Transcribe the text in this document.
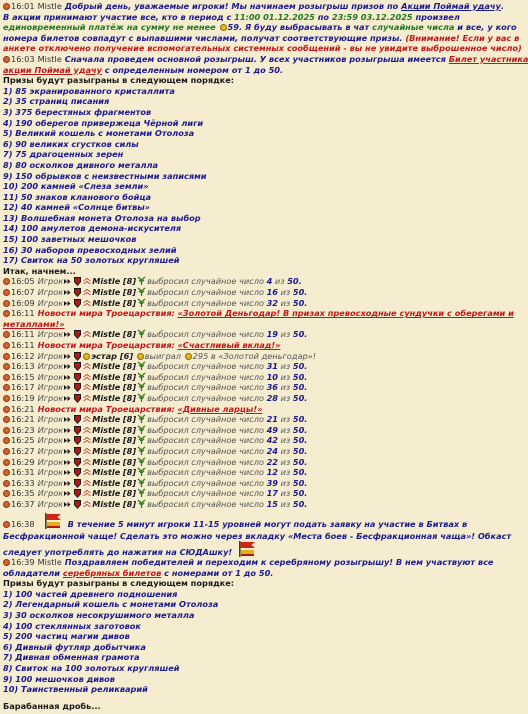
16:01 Mistle Добрый день, уважаемые игроки! Мы начинаем розыгрыш призов по Акции Поймай удачу.
В акции принимают участие все, кто в период с 11:00 01.12.2025 по 23:59 03.12.2025 произвел
единовременный платёж на сумму не менее 59. Я буду выбрасывать в чат случайные числа и все, у кого
номера билетов совпадут с выпавшими числами, получат соответствующие призы. (Внимание! Если у вас в
анкете отключено получение вспомогательных системных сообщений - вы не увидите выброшенное число)
16:03 Mistle Сначала проведем основной розыгрыш. У всех участников розыгрыша имеется Билет участника
акции Поймай удачу с определенным номером от 1 до 50.
Призы будут разыграны в следующем порядке:
1) 85 экранированного кристаллита
2) 35 страниц писания
3) 375 берестяных фрагментов
4) 190 оберегов привержеца Чёрной лиги
5) Великий кошель с монетами Отолоза
6) 90 великих сгустков силы
7) 75 драгоценных зерен
8) 80 осколков дивного металла
9) 150 обрывков с неизвестными записями
10) 200 камней «Слеза земли»
11) 50 знаков кланового бойца
12) 40 камней «Солнце битвы»
13) Волшебная монета Отолоза на выбор
14) 100 амулетов демона-искусителя
15) 100 заветных мешочков
16) 30 наборов превосходных зелий
17) Свиток на 50 золотых кругляшей
Итак, начнем...
16:05 Игрок	Mistle [8] выбросил случайное число 4 из 50.
16:07 Игрок	Mistle [8] выбросил случайное число 16 из 50.
16:09 Игрок	Mistle [8] выбросил случайное число 32 из 50.
16:11 Новости мира Троецарствия: «Золотой Деньгодар! В призах превосходные сундучки с оберегами и
металлами!»
16:11 Игрок	Mistle [8] выбросил случайное число 19 из 50.
16:11 Новости мира Троецарствия: «Счастливый вклад!»
16:12 Игрок	эстар [6] выиграл 295 в «Золотой деньгодар»!
16:13 Игрок	Mistle [8] выбросил случайное число 31 из 50.
16:15 Игрок	Mistle [8] выбросил случайное число 10 из 50.
16:17 Игрок	Mistle [8] выбросил случайное число 36 из 50.
16:19 Игрок	Mistle [8] выбросил случайное число 28 из 50.
16:21 Новости мира Троецарствия: «Дивные ларцы!»
16:21 Игрок	Mistle [8] выбросил случайное число 21 из 50.
16:23 Игрок	Mistle [8] выбросил случайное число 49 из 50.
16:25 Игрок	Mistle [8] выбросил случайное число 42 из 50.
16:27 Игрок	Mistle [8] выбросил случайное число 24 из 50.
16:29 Игрок	Mistle [8] выбросил случайное число 22 из 50.
16:31 Игрок	Mistle [8] выбросил случайное число 12 из 50.
16:33 Игрок	Mistle [8] выбросил случайное число 39 из 50.
16:35 Игрок	Mistle [8] выбросил случайное число 17 из 50.
16:37 Игрок	Mistle [8] выбросил случайное число 15 из 50.
16:38	В течение 5 минут игроки 11-15 уровней могут подать заявку на участие в Битвах в
Бесфракционной чаще! Сделать это можно через вкладку «Места боев - Бесфракционная чаща»! Обкаст
следует употреблять до нажатия на СЮДАшку!
16:39 Mistle Поздравляем победителей и переходим к серебряному розыгрышу! В нем участвуют все
обладатели серебряных билетов с номерами от 1 до 50.
Призы будут разыграны в следующем порядке:
1) 100 частей древнего подношения
2) Легендарный кошель с монетами Отолоза
3) 30 осколков несокрушимого металла
4) 100 стеклянных заготовок
5) 200 частиц магии дивов
6) Дивный футляр добытчика
7) Дивная обменная грамота
8) Свиток на 100 золотых кругляшей
9) 100 мешочков дивов
10) Таинственный реликварий
Барабанная дробь...
